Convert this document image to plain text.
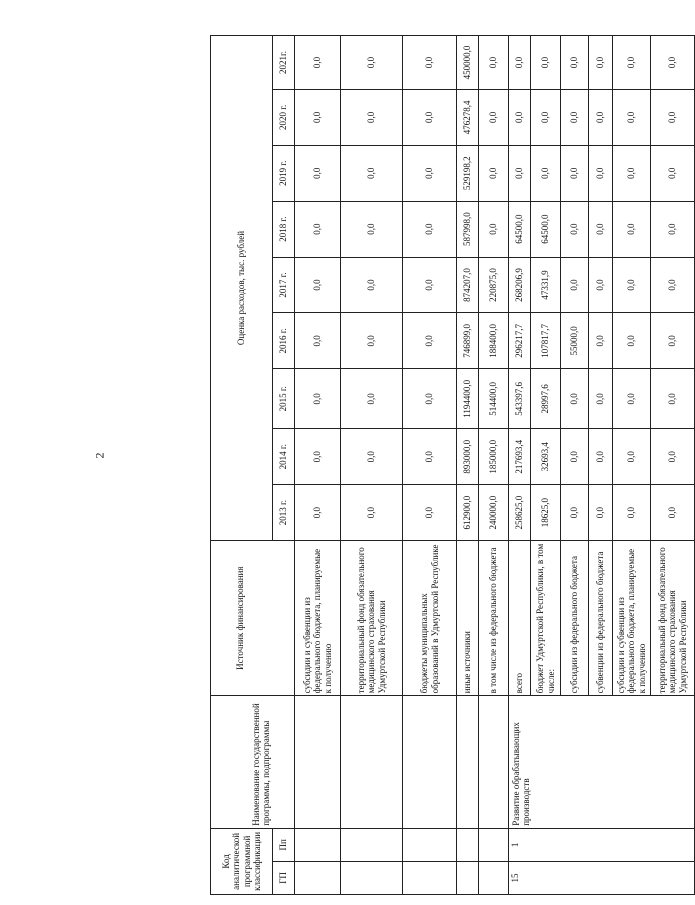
2
Код аналитической программной классификации		Наименование государственной программы, подпрограммы	Источник финансирования	Оценка расходов, тыс. рублей								
ГП	Пп			2013 г.	2014 г.	2015 г.	2016 г.	2017 г.	2018 г.	2019 г.	2020 г.	2021г.
			субсидии и субвенции из федерального бюджета, планируемые к получению	0,0	0,0	0,0	0,0	0,0	0,0	0,0	0,0	0,0
			территориальный фонд обязательного медицинского страхования Удмуртской Республики	0,0	0,0	0,0	0,0	0,0	0,0	0,0	0,0	0,0
			бюджеты муниципальных образований в Удмуртской Республике	0,0	0,0	0,0	0,0	0,0	0,0	0,0	0,0	0,0
			иные источники	612900,0	893000,0	1194400,0	746899,0	874207,0	587998,0	529198,2	476278,4	450000,0
			в том числе из федерального бюджета	240000,0	185000,0	514400,0	188400,0	220875,0	0,0	0,0	0,0	0,0
15	1	Развитие обрабатывающих производств	всего	258625,0	217693,4	543397,6	296217,7	268206,9	64500,0	0,0	0,0	0,0
			бюджет Удмуртской Республики, в том числе:	18625,0	32693,4	28997,6	107817,7	47331,9	64500,0	0,0	0,0	0,0
			субсидии из федерального бюджета	0,0	0,0	0,0	55000,0	0,0	0,0	0,0	0,0	0,0
			субвенции из федерального бюджета	0,0	0,0	0,0	0,0	0,0	0,0	0,0	0,0	0,0
			субсидии и субвенции из федерального бюджета, планируемые к получению	0,0	0,0	0,0	0,0	0,0	0,0	0,0	0,0	0,0
			территориальный фонд обязательного медицинского страхования Удмуртской Республики	0,0	0,0	0,0	0,0	0,0	0,0	0,0	0,0	0,0
